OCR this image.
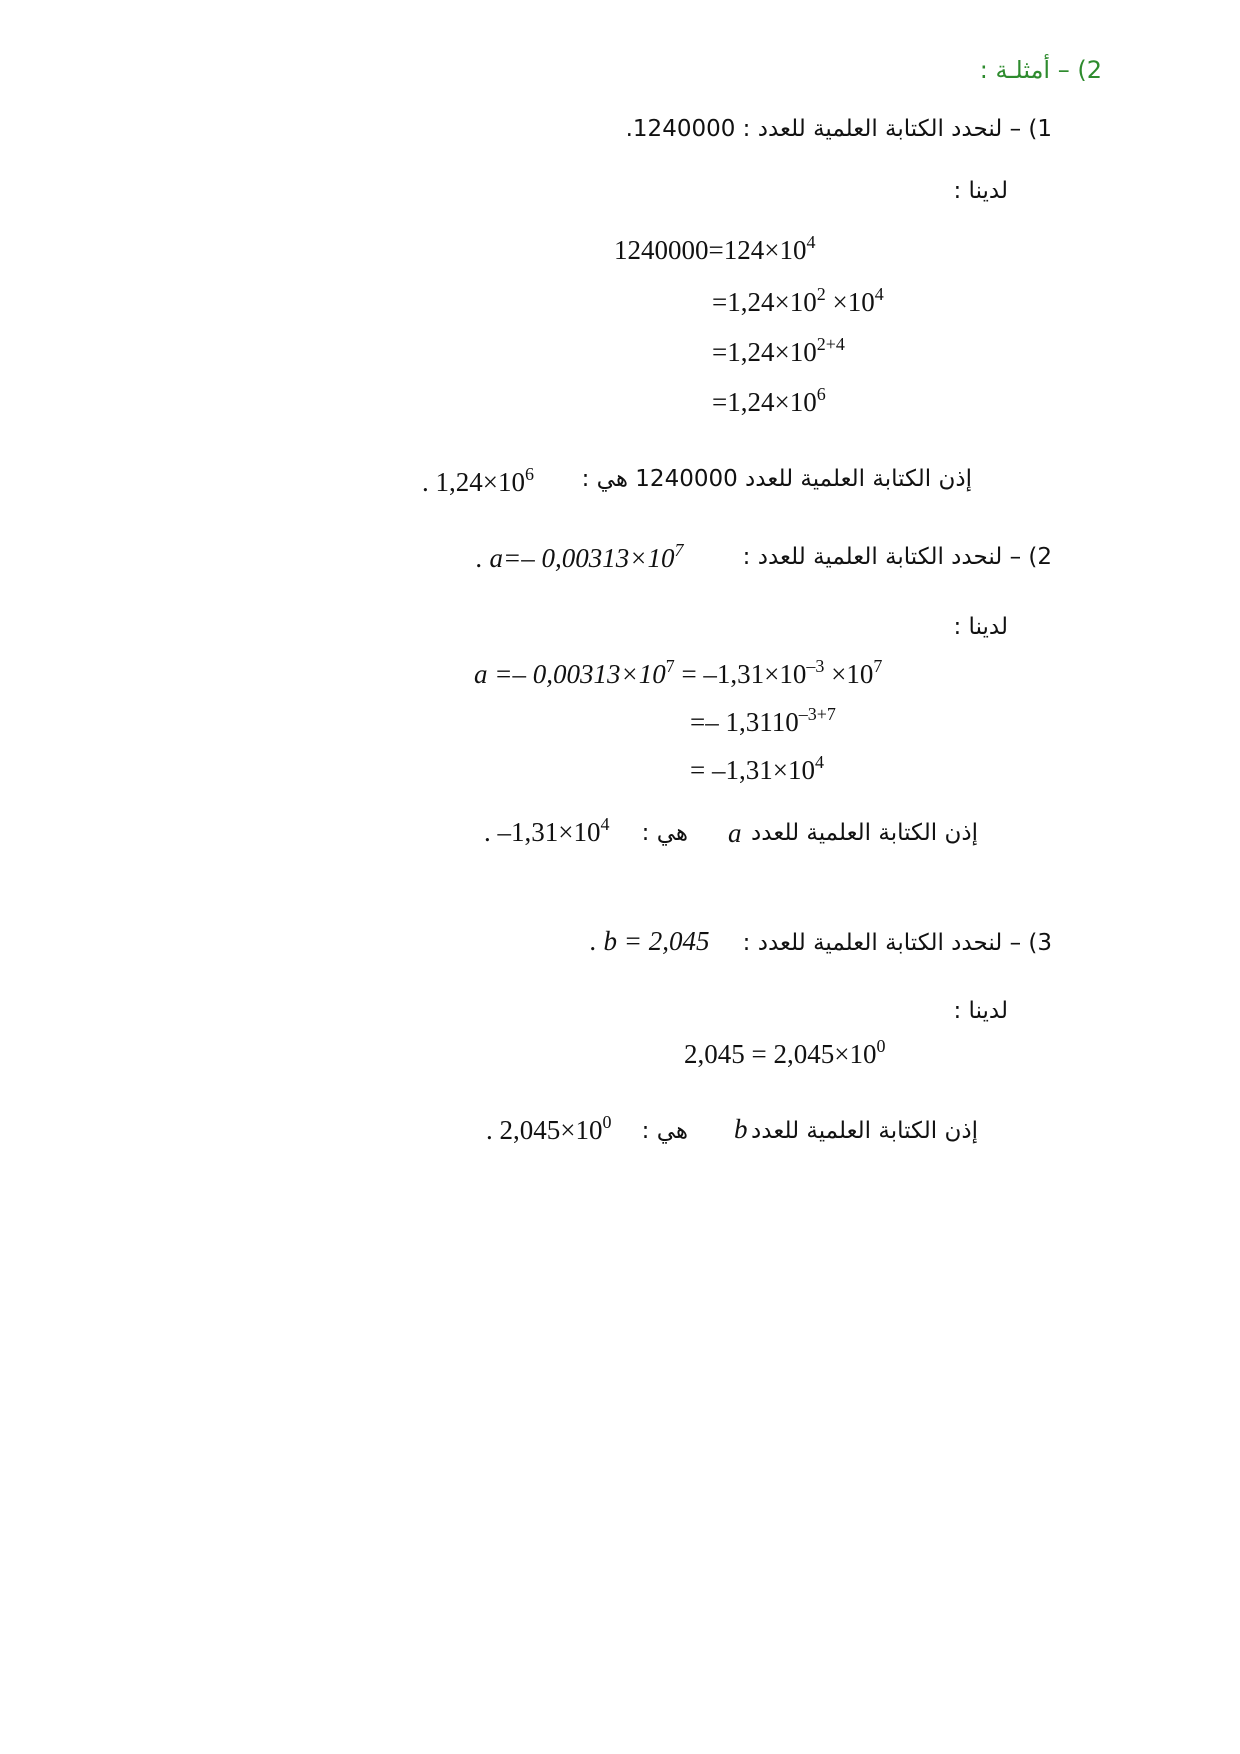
2) – أمثلـة :
1) – لنحدد الكتابة العلمية للعدد : 1240000.
لدينا :
$1240000=124\times 10^4$
$=1,24\times 10^2 \times 10^4$
$=1,24\times 10^{2+4}$
$=1,24\times 10^6$
إذن الكتابة العلمية للعدد 1240000 هي :
. $1,24\times 10^6$
2) – لنحدد الكتابة العلمية للعدد :
. a=– $0,00313\times 10^7$
لدينا :
$a =- 0,00313\times 10^7 = -1,31\times 10^{-3} \times 10^7$
=– $1,3110^{-3+7}$
= $-1,31\times 10^4$
إذن الكتابة العلمية للعدد
a
هي :
. $-1,31\times 10^4$
3) – لنحدد الكتابة العلمية للعدد :
. b = 2,045
لدينا :
$2,045 = 2,045\times 10^0$
إذن الكتابة العلمية للعدد
b
هي :
. $2,045\times 10^0$
